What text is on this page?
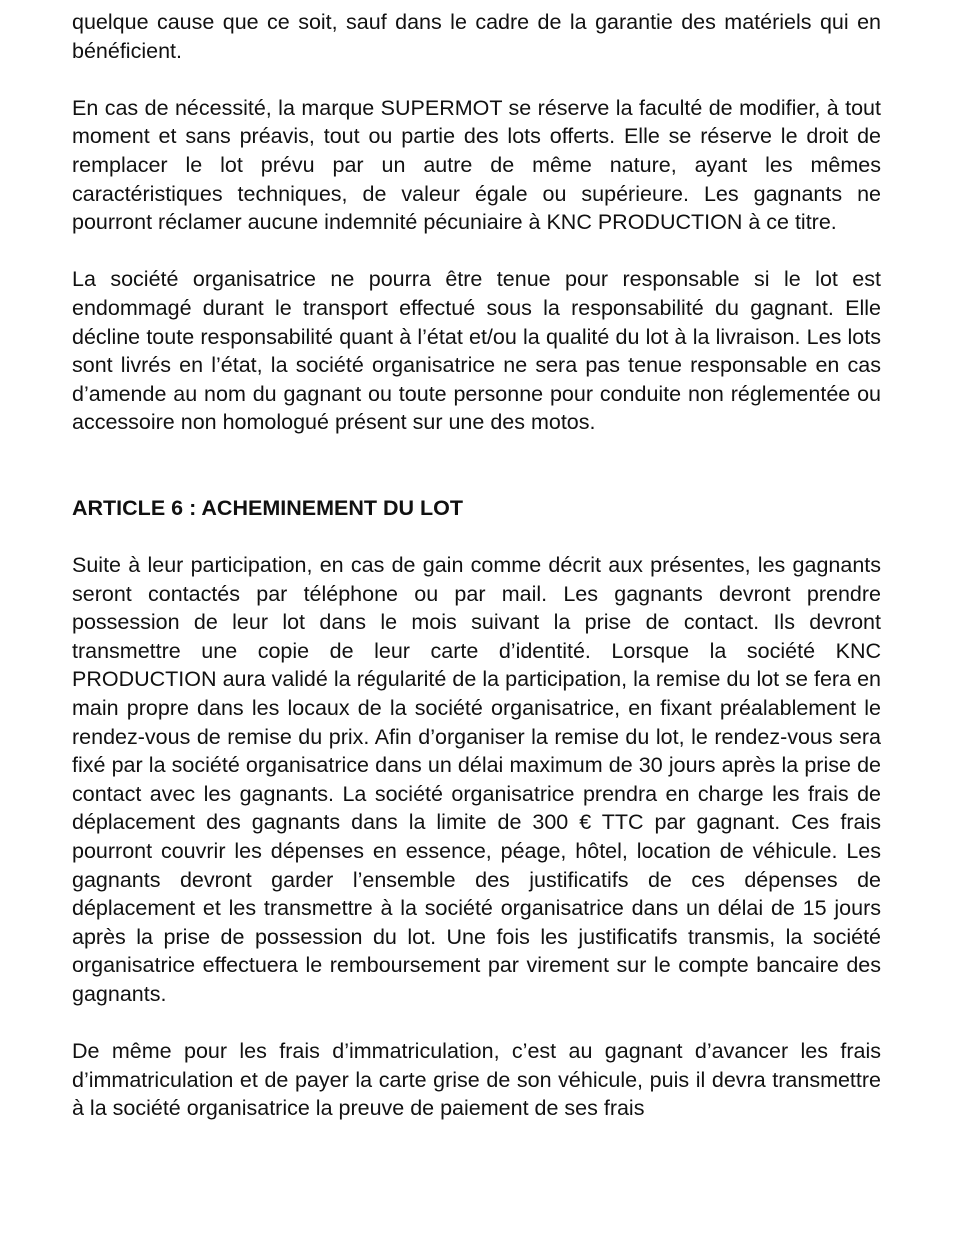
quelque cause que ce soit, sauf dans le cadre de la garantie des matériels qui en bénéficient.

En cas de nécessité, la marque SUPERMOT se réserve la faculté de modifier, à tout moment et sans préavis, tout ou partie des lots offerts. Elle se réserve le droit de remplacer le lot prévu par un autre de même nature, ayant les mêmes caractéristiques techniques, de valeur égale ou supérieure. Les gagnants ne pourront réclamer aucune indemnité pécuniaire à KNC PRODUCTION à ce titre.

La société organisatrice ne pourra être tenue pour responsable si le lot est endommagé durant le transport effectué sous la responsabilité du gagnant. Elle décline toute responsabilité quant à l’état et/ou la qualité du lot à la livraison. Les lots sont livrés en l’état, la société organisatrice ne sera pas tenue responsable en cas d’amende au nom du gagnant ou toute personne pour conduite non réglementée ou accessoire non homologué présent sur une des motos.

ARTICLE 6 : ACHEMINEMENT DU LOT

Suite à leur participation, en cas de gain comme décrit aux présentes, les gagnants seront contactés par téléphone ou par mail. Les gagnants devront prendre possession de leur lot dans le mois suivant la prise de contact. Ils devront transmettre une copie de leur carte d’identité. Lorsque la société KNC PRODUCTION aura validé la régularité de la participation, la remise du lot se fera en main propre dans les locaux de la société organisatrice, en fixant préalablement le rendez-vous de remise du prix. Afin d’organiser la remise du lot, le rendez-vous sera fixé par la société organisatrice dans un délai maximum de 30 jours après la prise de contact avec les gagnants. La société organisatrice prendra en charge les frais de déplacement des gagnants dans la limite de 300 € TTC par gagnant. Ces frais pourront couvrir les dépenses en essence, péage, hôtel, location de véhicule. Les gagnants devront garder l’ensemble des justificatifs de ces dépenses de déplacement et les transmettre à la société organisatrice dans un délai de 15 jours après la prise de possession du lot. Une fois les justificatifs transmis, la société organisatrice effectuera le remboursement par virement sur le compte bancaire des gagnants.

De même pour les frais d’immatriculation, c’est au gagnant d’avancer les frais d’immatriculation et de payer la carte grise de son véhicule, puis il devra transmettre à la société organisatrice la preuve de paiement de ses frais
